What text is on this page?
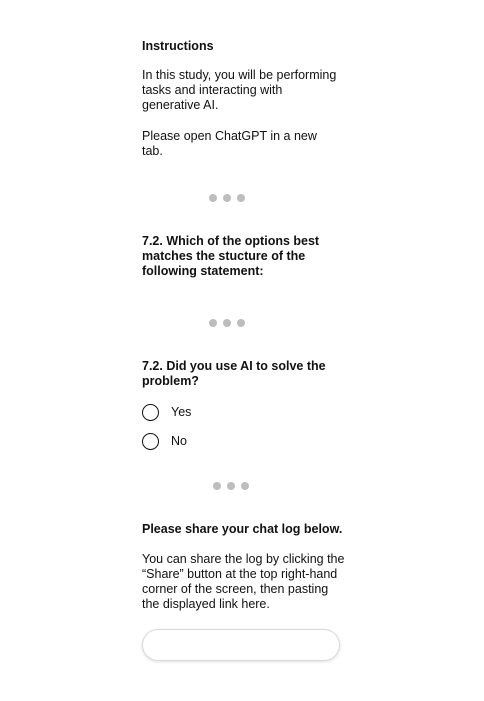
Instructions
In this study, you will be performing tasks and interacting with generative AI.
Please open ChatGPT in a new tab.
7.2. Which of the options best matches the stucture of the following statement:
7.2. Did you use AI to solve the problem?
Yes
No
Please share your chat log below.
You can share the log by clicking the “Share” button at the top right-hand corner of the screen, then pasting the displayed link here.
